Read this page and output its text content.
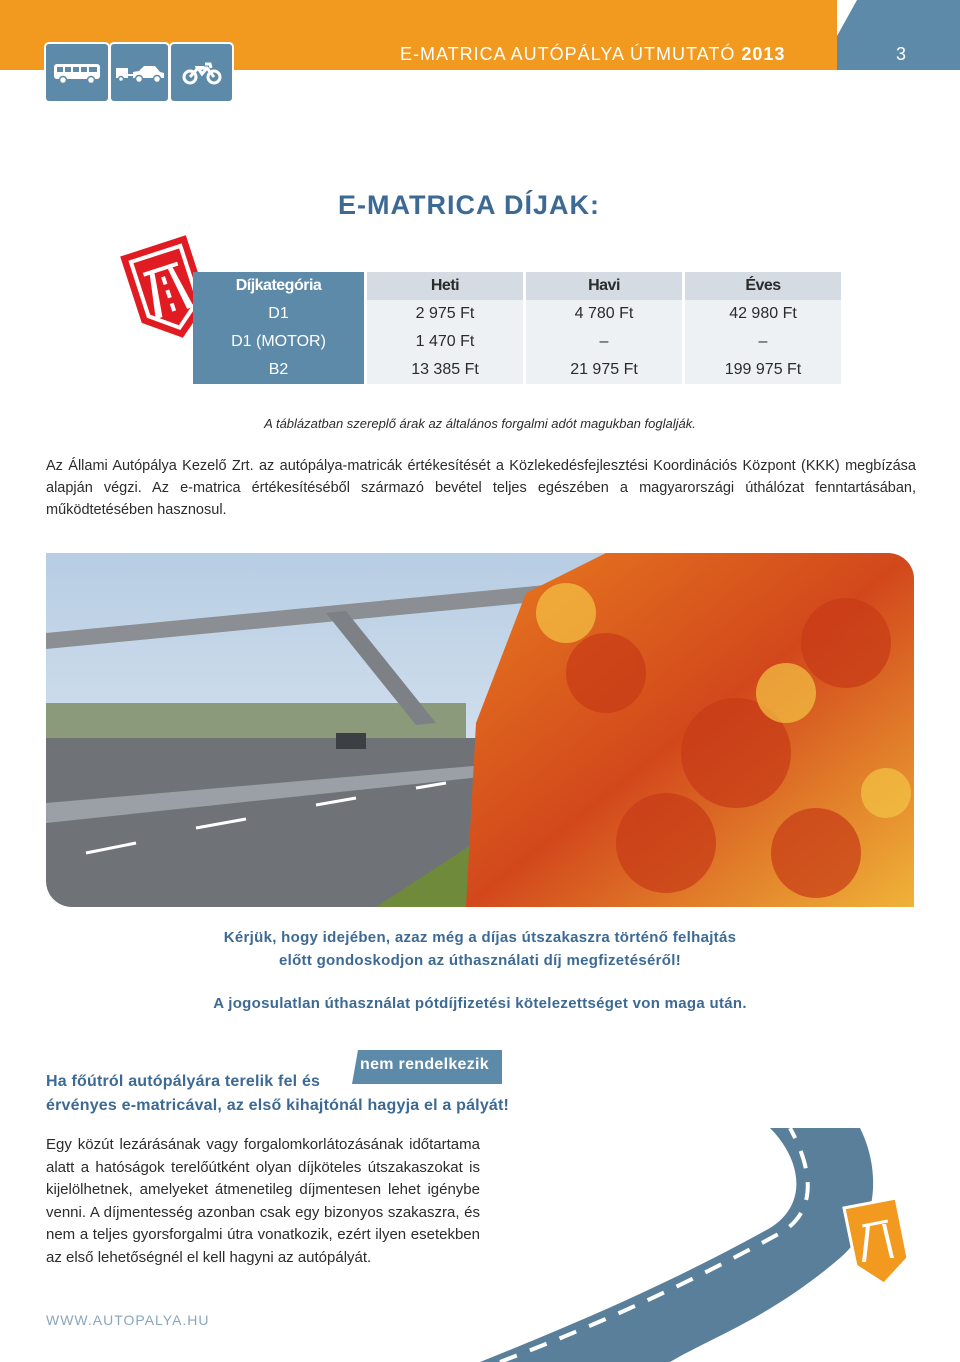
E-MATRICA AUTÓPÁLYA ÚTMUTATÓ 2013	3
E-MATRICA DÍJAK:
Díjkategória	Heti	Havi	Éves
D1	2 975 Ft	4 780 Ft	42 980 Ft
D1 (MOTOR)	1 470 Ft	–	–
B2	13 385 Ft	21 975 Ft	199 975 Ft
A táblázatban szereplő árak az általános forgalmi adót magukban foglalják.
Az Állami Autópálya Kezelő Zrt. az autópálya-matricák értékesítését a Közlekedésfejlesztési Koordinációs Központ (KKK) megbízása alapján végzi. Az e-matrica értékesítéséből származó bevétel teljes egészében a magyarországi úthálózat fenntartásában, működtetésében hasznosul.
Kérjük, hogy idejében, azaz még a díjas útszakaszra történő felhajtás
előtt gondoskodjon az úthasználati díj megfizetéséről!
A jogosulatlan úthasználat pótdíjfizetési kötelezettséget von maga után.
nem rendelkezik
Ha főútról autópályára terelik fel és
érvényes e-matricával, az első kihajtónál hagyja el a pályát!
Egy közút lezárásának vagy forgalomkorlátozásának időtartama alatt a hatóságok terelőútként olyan díjköteles útszakaszokat is kijelölhetnek, amelyeket átmenetileg díjmentesen lehet igénybe venni. A díjmentesség azonban csak egy bizonyos szakaszra, és nem a teljes gyorsforgalmi útra vonatkozik, ezért ilyen esetekben az első lehetőségnél el kell hagyni az autópályát.
WWW.AUTOPALYA.HU
